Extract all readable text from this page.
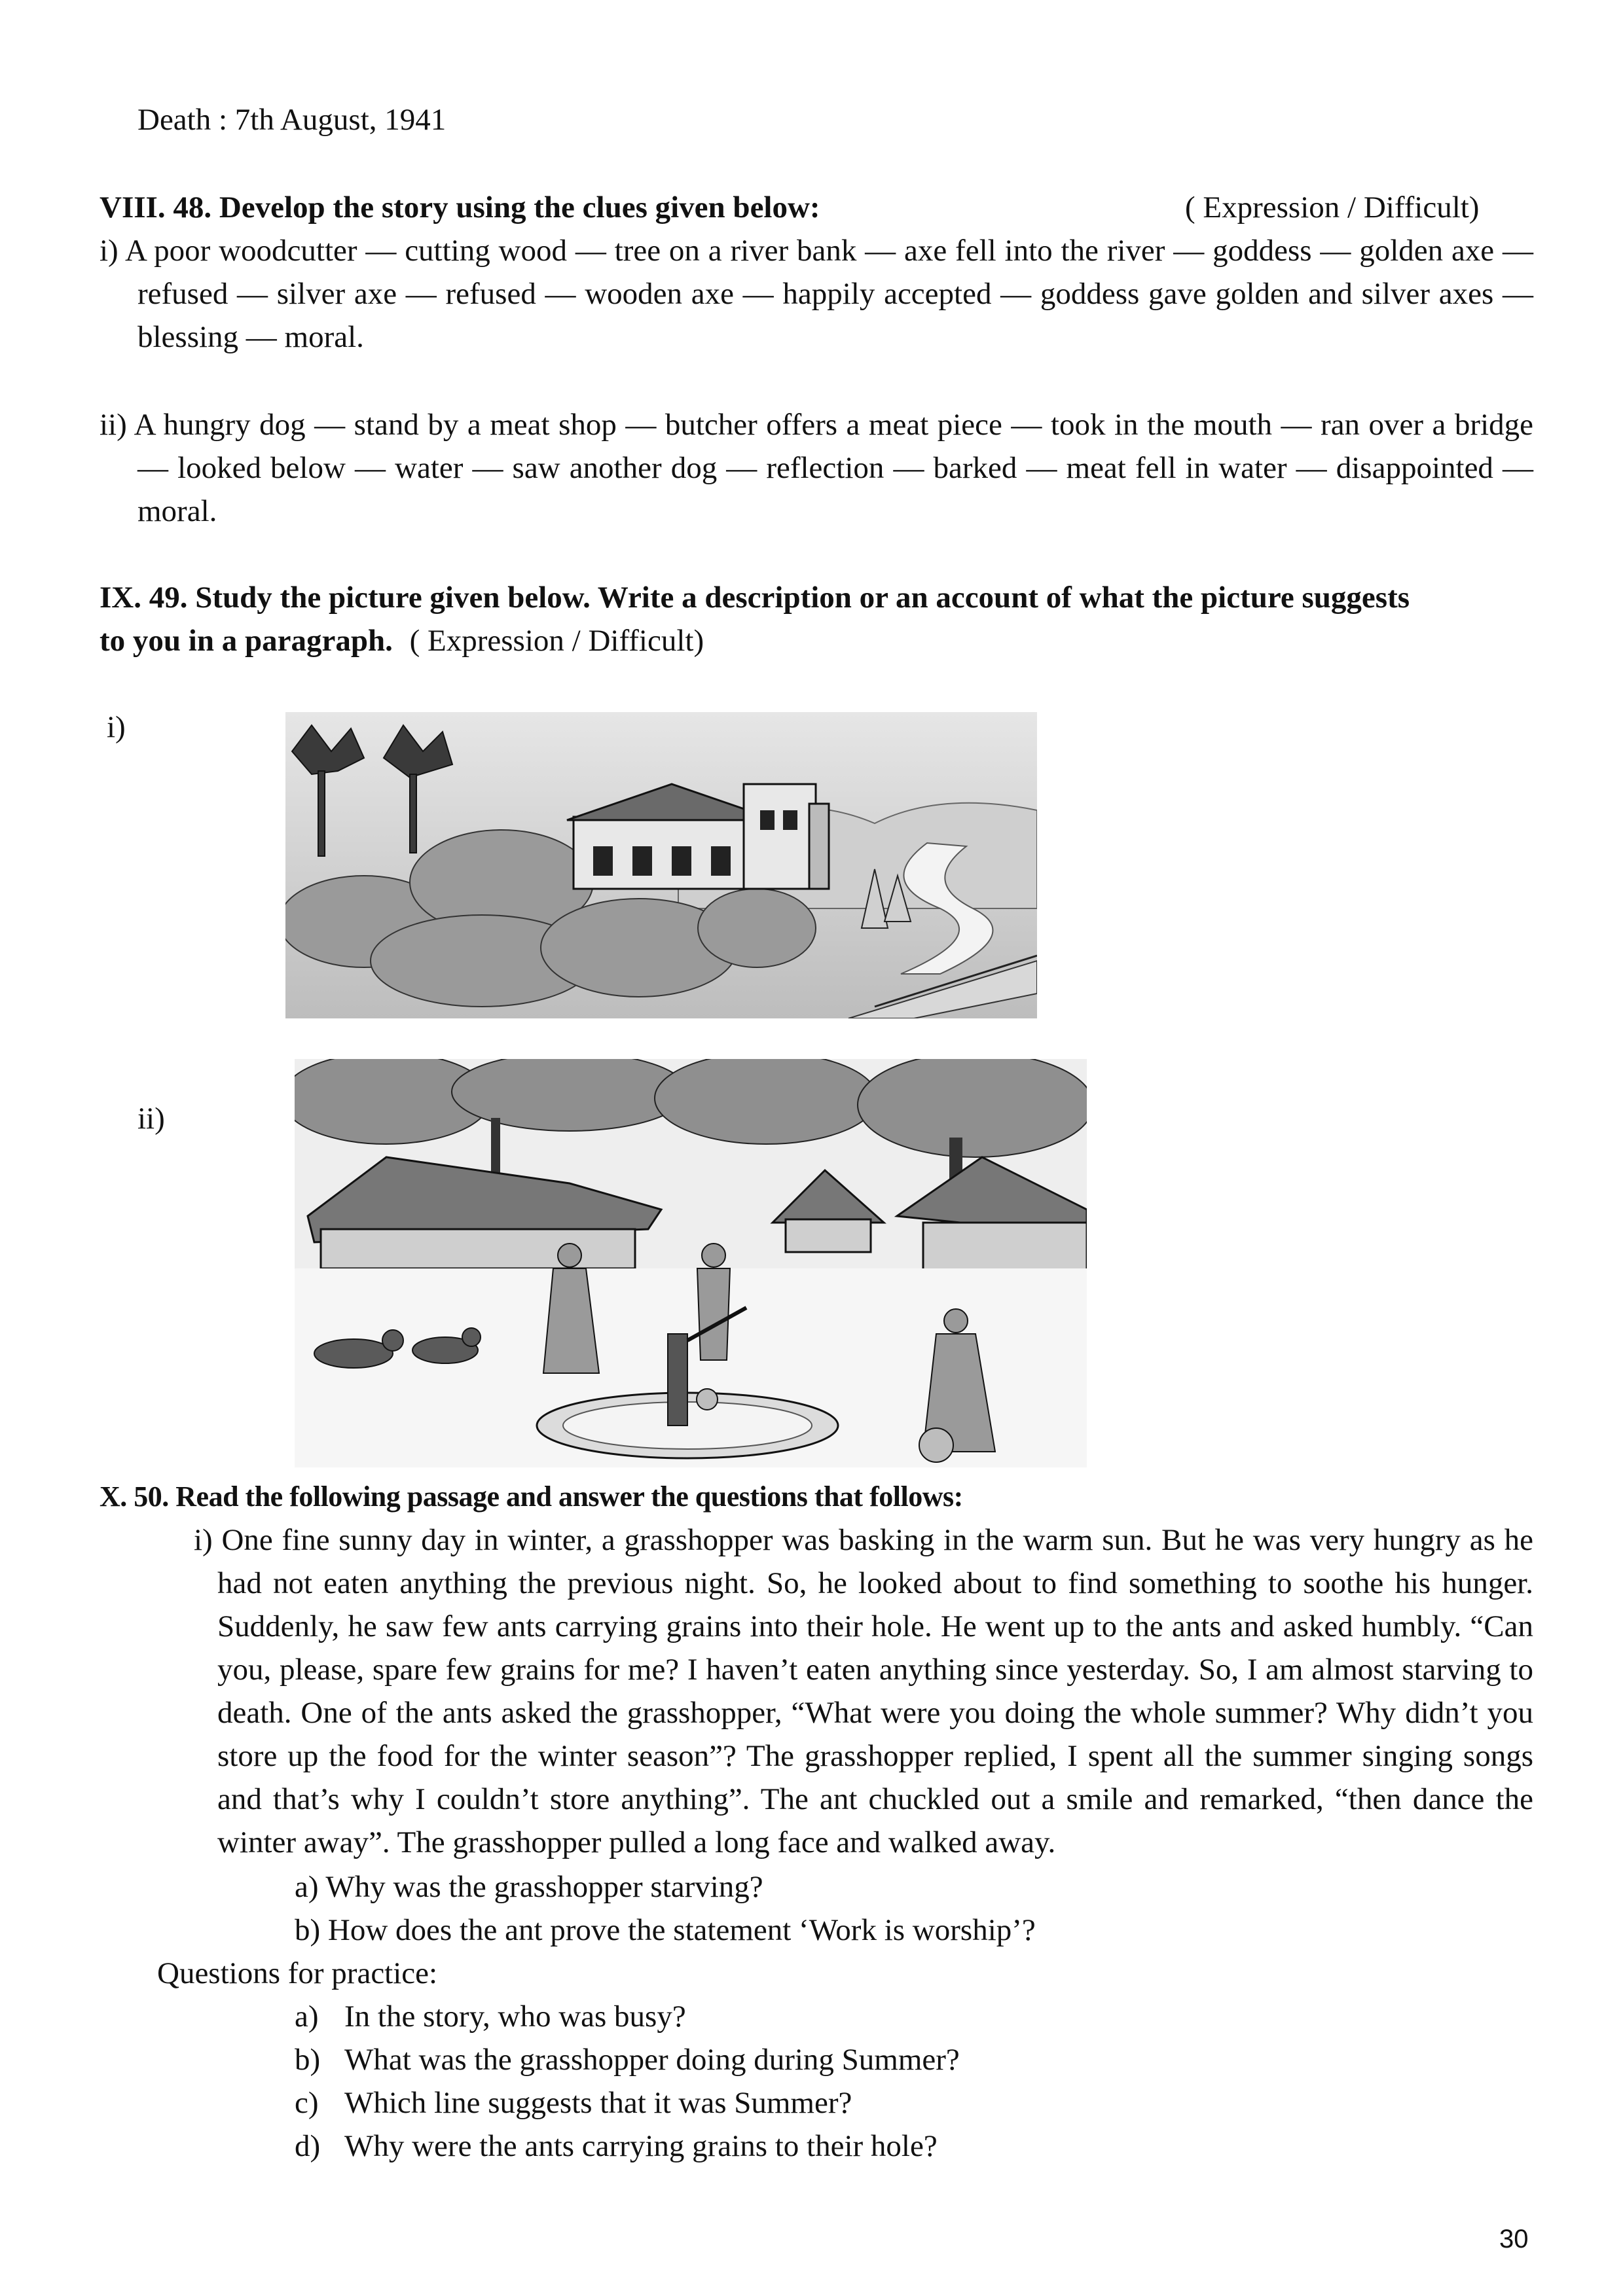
Death : 7th August, 1941
VIII. 48. Develop the story using the clues given below:	( Expression / Difficult)
i) A poor woodcutter — cutting wood — tree on a river bank — axe fell into the river — goddess — golden axe — refused — silver axe — refused — wooden axe — happily accepted — goddess gave golden and silver axes — blessing — moral.
ii) A hungry dog — stand by a meat shop — butcher offers a meat piece — took in the mouth — ran over a bridge — looked below — water — saw another dog — reflection — barked — meat fell in water — disappointed — moral.
IX. 49. Study the picture given below. Write a description or an account of what the picture suggests
to you in a paragraph. ( Expression / Difficult)
i)
ii)
X. 50. Read the following passage and answer the questions that follows:
i) One fine sunny day in winter, a grasshopper was basking in the warm sun. But he was very hungry as he had not eaten anything the previous night. So, he looked about to find something to soothe his hunger. Suddenly, he saw few ants carrying grains into their hole. He went up to the ants and asked humbly. “Can you, please, spare few grains for me? I haven’t eaten anything since yesterday. So, I am almost starving to death. One of the ants asked the grasshopper, “What were you doing the whole summer? Why didn’t you store up the food for the winter season”? The grasshopper replied, I spent all the summer singing songs and that’s why I couldn’t store anything”. The ant chuckled out a smile and remarked, “then dance the winter away”. The grasshopper pulled a long face and walked away.
a) Why was the grasshopper starving?
b) How does the ant prove the statement ‘Work is worship’?
Questions for practice:
a) In the story, who was busy?
b) What was the grasshopper doing during Summer?
c) Which line suggests that it was Summer?
d) Why were the ants carrying grains to their hole?
30
